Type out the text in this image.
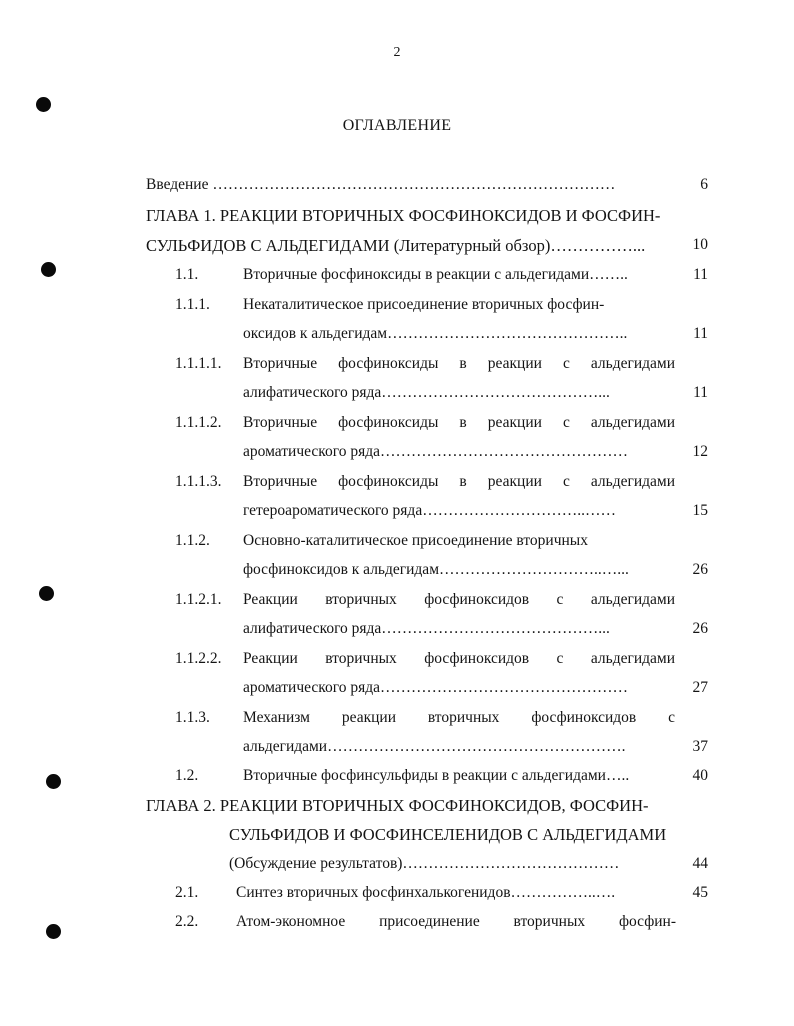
2
ОГЛАВЛЕНИЕ
Введение ……………………………………………………………………	6
ГЛАВА 1. РЕАКЦИИ ВТОРИЧНЫХ ФОСФИНОКСИДОВ И ФОСФИН-
СУЛЬФИДОВ С АЛЬДЕГИДАМИ (Литературный обзор)……………...	10
1.1.	Вторичные фосфиноксиды в реакции с альдегидами……..	11
1.1.1. Некаталитическое присоединение вторичных фосфин-
оксидов к альдегидам………………………………………..	11
1.1.1.1. Вторичные фосфиноксиды в реакции с альдегидами
алифатического ряда……………………………………...	11
1.1.1.2. Вторичные фосфиноксиды в реакции с альдегидами
ароматического ряда…………………………………………	12
1.1.1.3. Вторичные фосфиноксиды в реакции с альдегидами
гетероароматического ряда…………………………..……	15
1.1.2. Основно-каталитическое присоединение вторичных
фосфиноксидов к альдегидам…………………………..…...	26
1.1.2.1. Реакции вторичных фосфиноксидов с альдегидами
алифатического ряда……………………………………...	26
1.1.2.2. Реакции вторичных фосфиноксидов с альдегидами
ароматического ряда…………………………………………	27
1.1.3. Механизм реакции вторичных фосфиноксидов с
альдегидами………………………………………………….	37
1.2.	Вторичные фосфинсульфиды в реакции с альдегидами…..	40
ГЛАВА 2. РЕАКЦИИ ВТОРИЧНЫХ ФОСФИНОКСИДОВ, ФОСФИН-
СУЛЬФИДОВ И ФОСФИНСЕЛЕНИДОВ С АЛЬДЕГИДАМИ
(Обсуждение результатов)……………………………………	44
2.1. Синтез вторичных фосфинхалькогенидов……………..….	45
2.2. Атом-экономное присоединение вторичных фосфин-
